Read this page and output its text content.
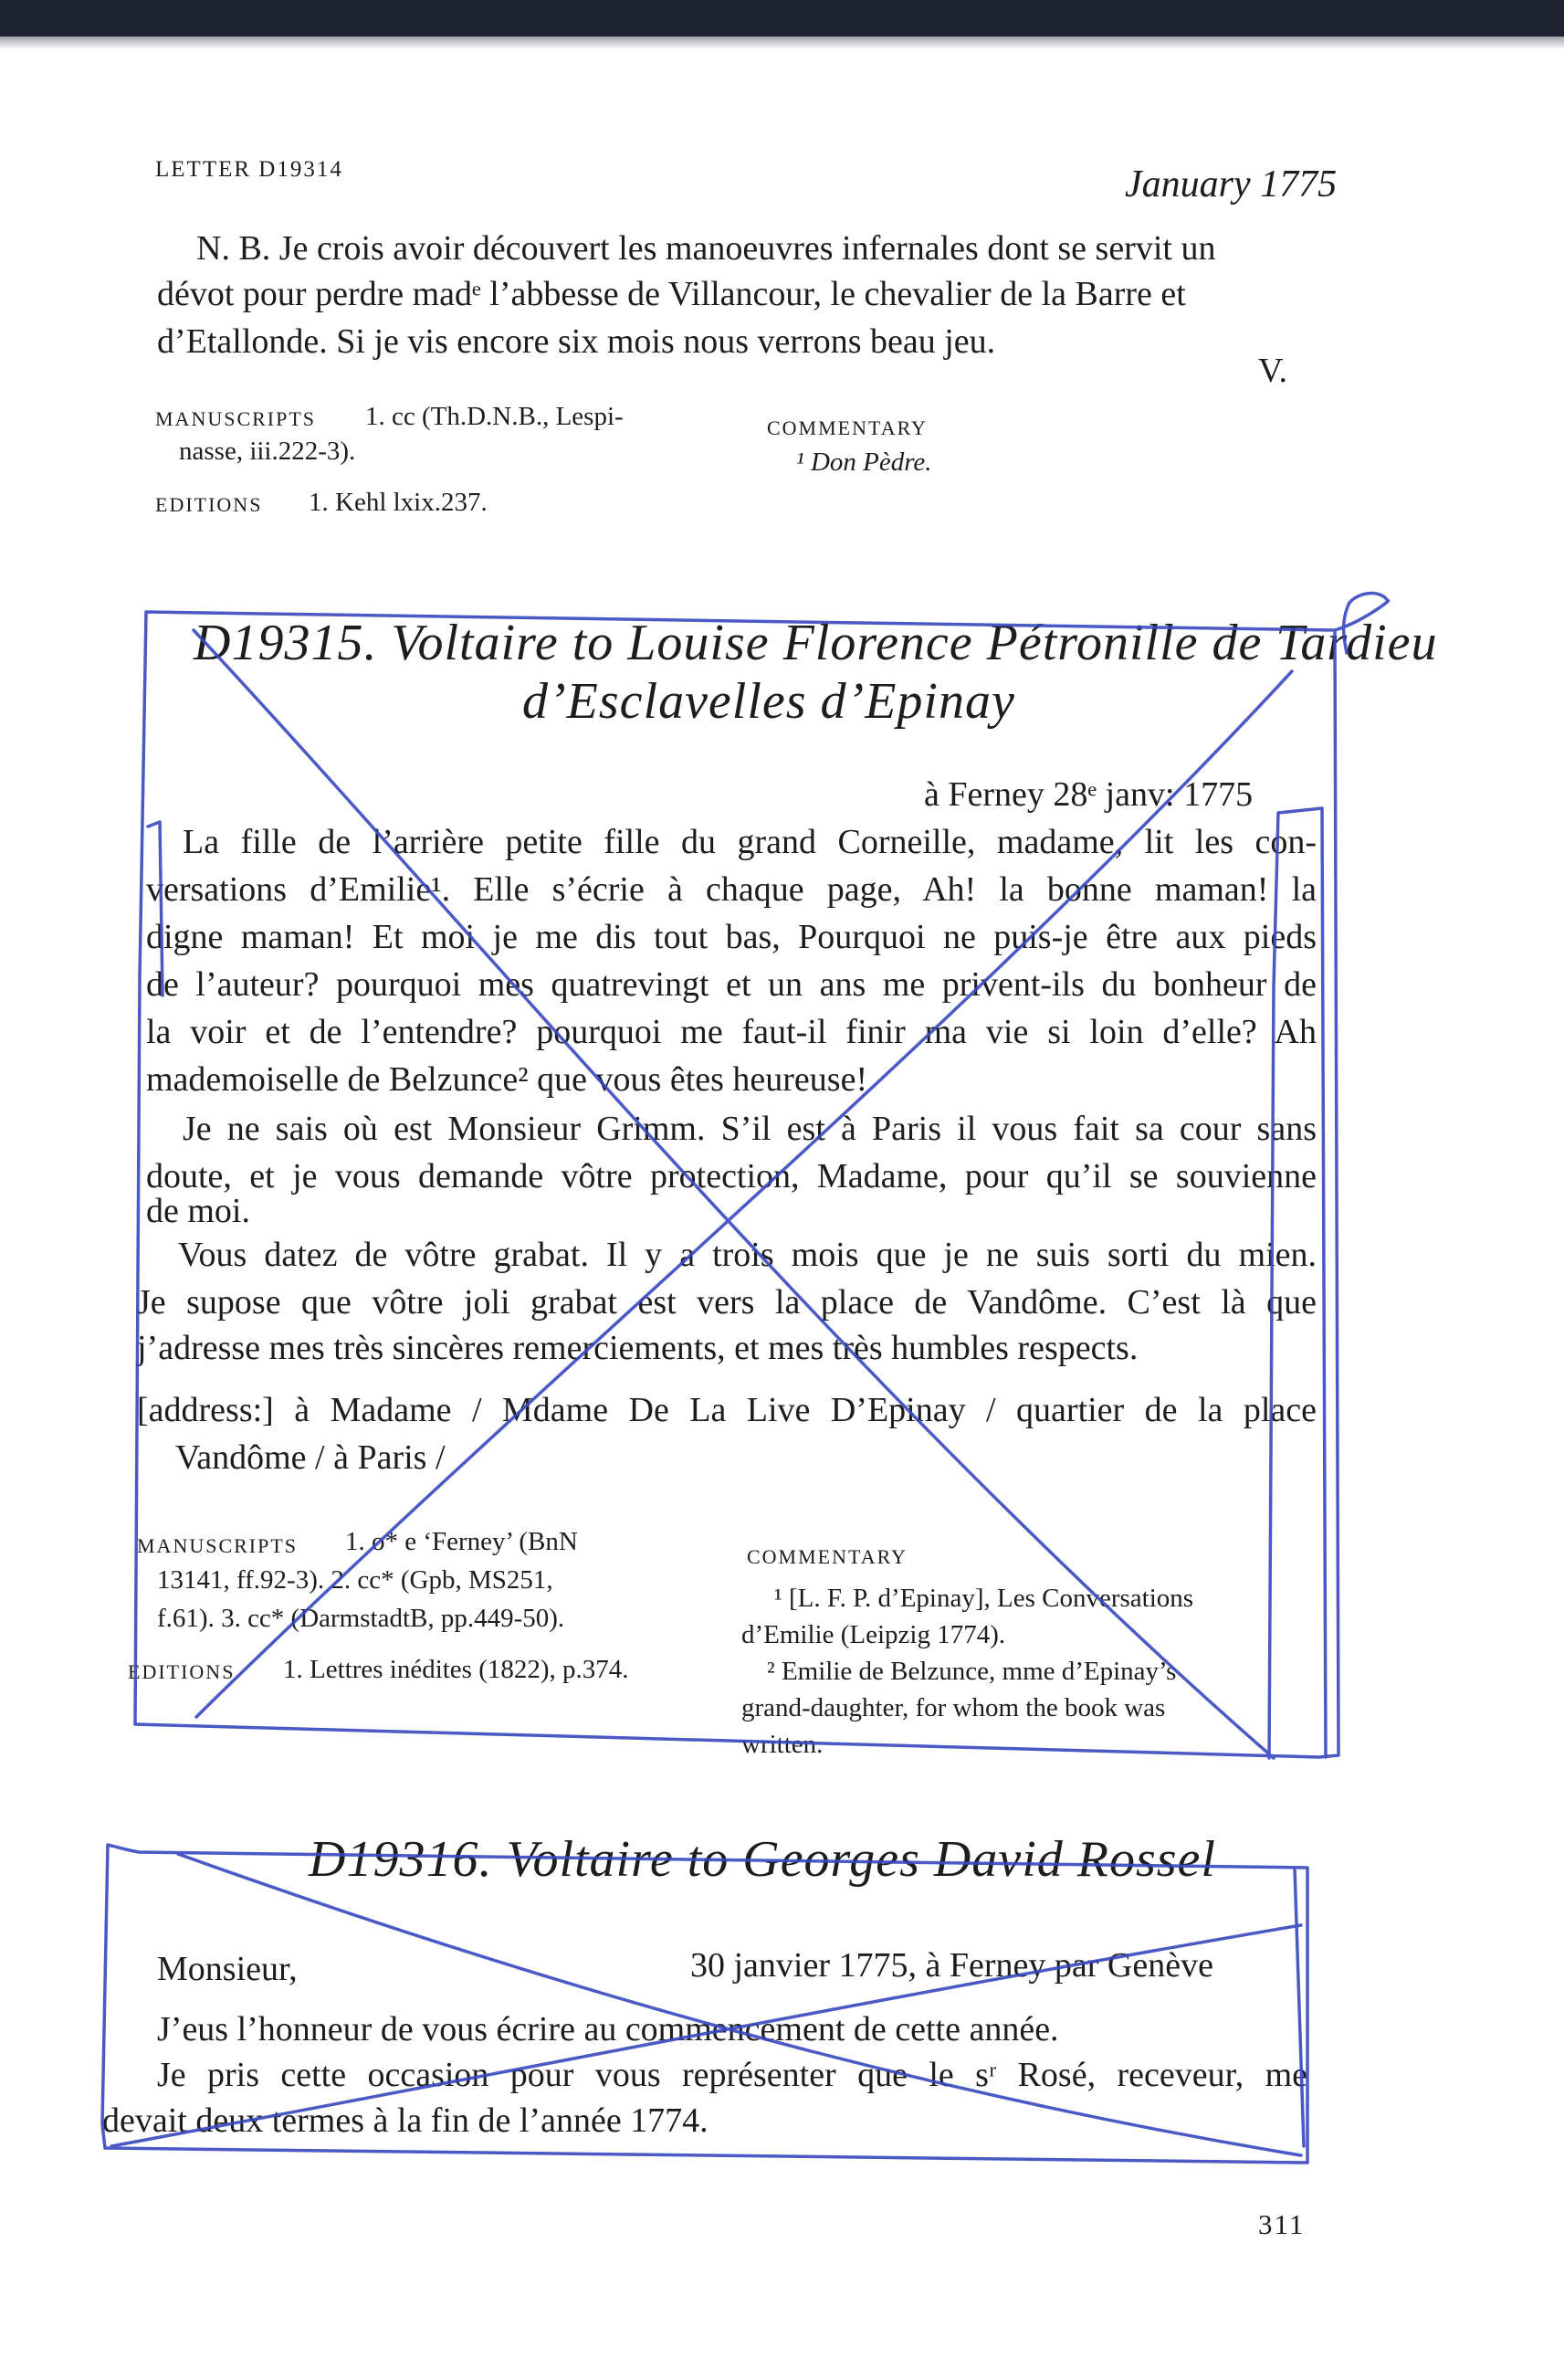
LETTER D19314	January 1775
N. B. Je crois avoir découvert les manoeuvres infernales dont se servit un
dévot pour perdre madᵉ l’abbesse de Villancour, le chevalier de la Barre et
d’Etallonde. Si je vis encore six mois nous verrons beau jeu.
V.
MANUSCRIPTS 1. cc (Th.D.N.B., Lespi-
nasse, iii.222-3).
EDITIONS 1. Kehl lxix.237.
COMMENTARY
¹ Don Pèdre.
D19315. Voltaire to Louise Florence Pétronille de Tardieu
d’Esclavelles d’Epinay
à Ferney 28ᵉ janv: 1775
La fille de l’arrière petite fille du grand Corneille, madame, lit les con-
versations d’Emilie¹. Elle s’écrie à chaque page, Ah! la bonne maman! la
digne maman! Et moi je me dis tout bas, Pourquoi ne puis-je être aux pieds
de l’auteur? pourquoi mes quatrevingt et un ans me privent-ils du bonheur de
la voir et de l’entendre? pourquoi me faut-il finir ma vie si loin d’elle? Ah
mademoiselle de Belzunce² que vous êtes heureuse!
Je ne sais où est Monsieur Grimm. S’il est à Paris il vous fait sa cour sans
doute, et je vous demande vôtre protection, Madame, pour qu’il se souvienne
de moi.
Vous datez de vôtre grabat. Il y a trois mois que je ne suis sorti du mien.
Je supose que vôtre joli grabat est vers la place de Vandôme. C’est là que
j’adresse mes très sincères remerciements, et mes très humbles respects.
[address:] à Madame / Mdame De La Live D’Epinay / quartier de la place
Vandôme / à Paris /
MANUSCRIPTS 1. o* e ‘Ferney’ (BnN
13141, ff.92-3). 2. cc* (Gpb, MS251,
f.61). 3. cc* (DarmstadtB, pp.449-50).
EDITIONS 1. Lettres inédites (1822), p.374.
COMMENTARY
¹ [L. F. P. d’Epinay], Les Conversations
d’Emilie (Leipzig 1774).
² Emilie de Belzunce, mme d’Epinay’s
grand-daughter, for whom the book was
written.
D19316. Voltaire to Georges David Rossel
Monsieur,	30 janvier 1775, à Ferney par Genève
J’eus l’honneur de vous écrire au commencement de cette année.
Je pris cette occasion pour vous représenter que le sʳ Rosé, receveur, me
devait deux termes à la fin de l’année 1774.
311
